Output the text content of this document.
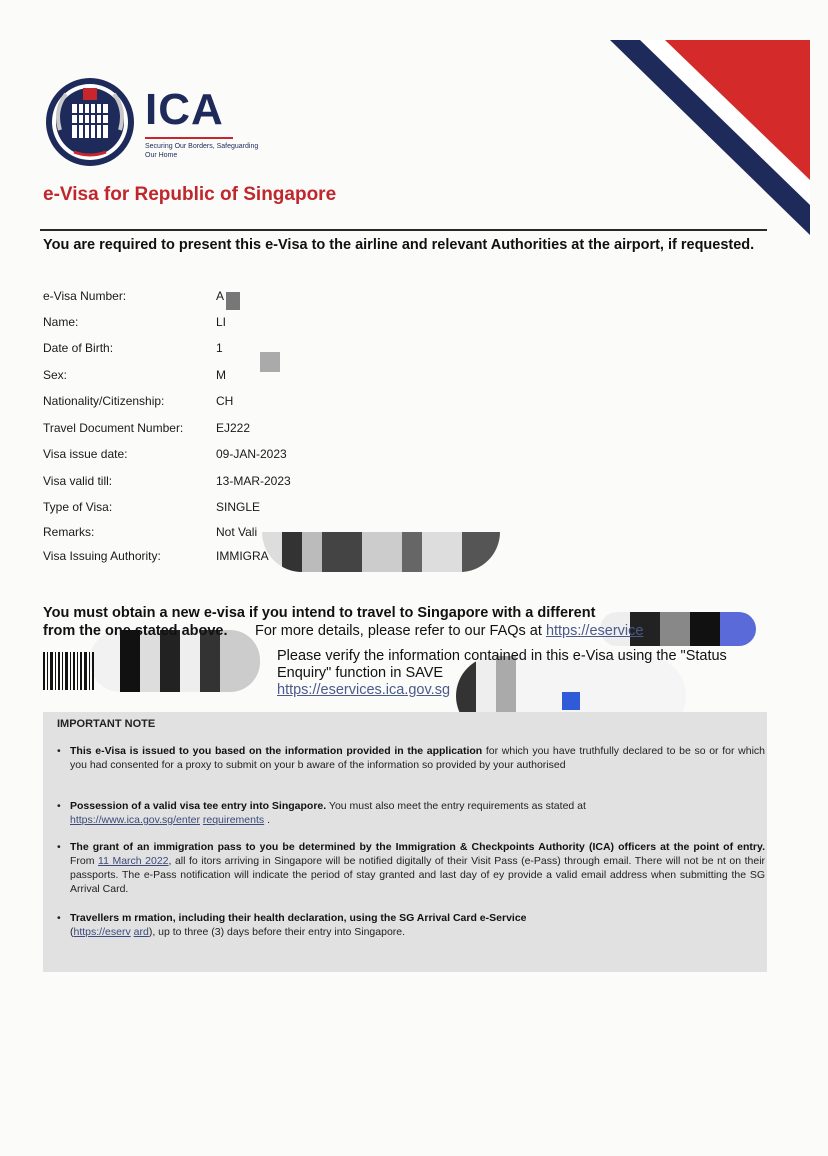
ICA
Securing Our Borders, Safeguarding Our Home
e-Visa for Republic of Singapore
You are required to present this e-Visa to the airline and relevant Authorities at the airport, if requested.
e-Visa Number:	A
Name:	LI
Date of Birth:	1
Sex:	M
Nationality/Citizenship:	CH
Travel Document Number:	EJ222
Visa issue date:	09-JAN-2023
Visa valid till:	13-MAR-2023
Type of Visa:	SINGLE
Remarks:	Not Vali
Visa Issuing Authority:	IMMIGRA
You must obtain a new e-visa if you intend to travel to Singapore with a different
from the one stated above.	For more details, please refer to our FAQs at https://eservice
Please verify the information contained in this e-Visa using the "Status
Enquiry" function in SAVE
https://eservices.ica.gov.sg
IMPORTANT NOTE
• This e-Visa is issued to you based on the information provided in the application for which you have truthfully declared to be so or for which you had consented for a proxy to submit on your b aware of the information so provided by your authorised
• Possession of a valid visa tee entry into Singapore. You must also meet the entry requirements as stated at
https://www.ica.gov.sg/enter requirements .
• The grant of an immigration pass to you be determined by the Immigration & Checkpoints Authority (ICA) officers at the point of entry. From 11 March 2022, all fo itors arriving in Singapore will be notified digitally of their Visit Pass (e-Pass) through email. There will not be nt on their passports. The e-Pass notification will indicate the period of stay granted and last day of ey provide a valid email address when submitting the SG Arrival Card.
• Travellers m rmation, including their health declaration, using the SG Arrival Card e-Service
(https://eserv ard), up to three (3) days before their entry into Singapore.
